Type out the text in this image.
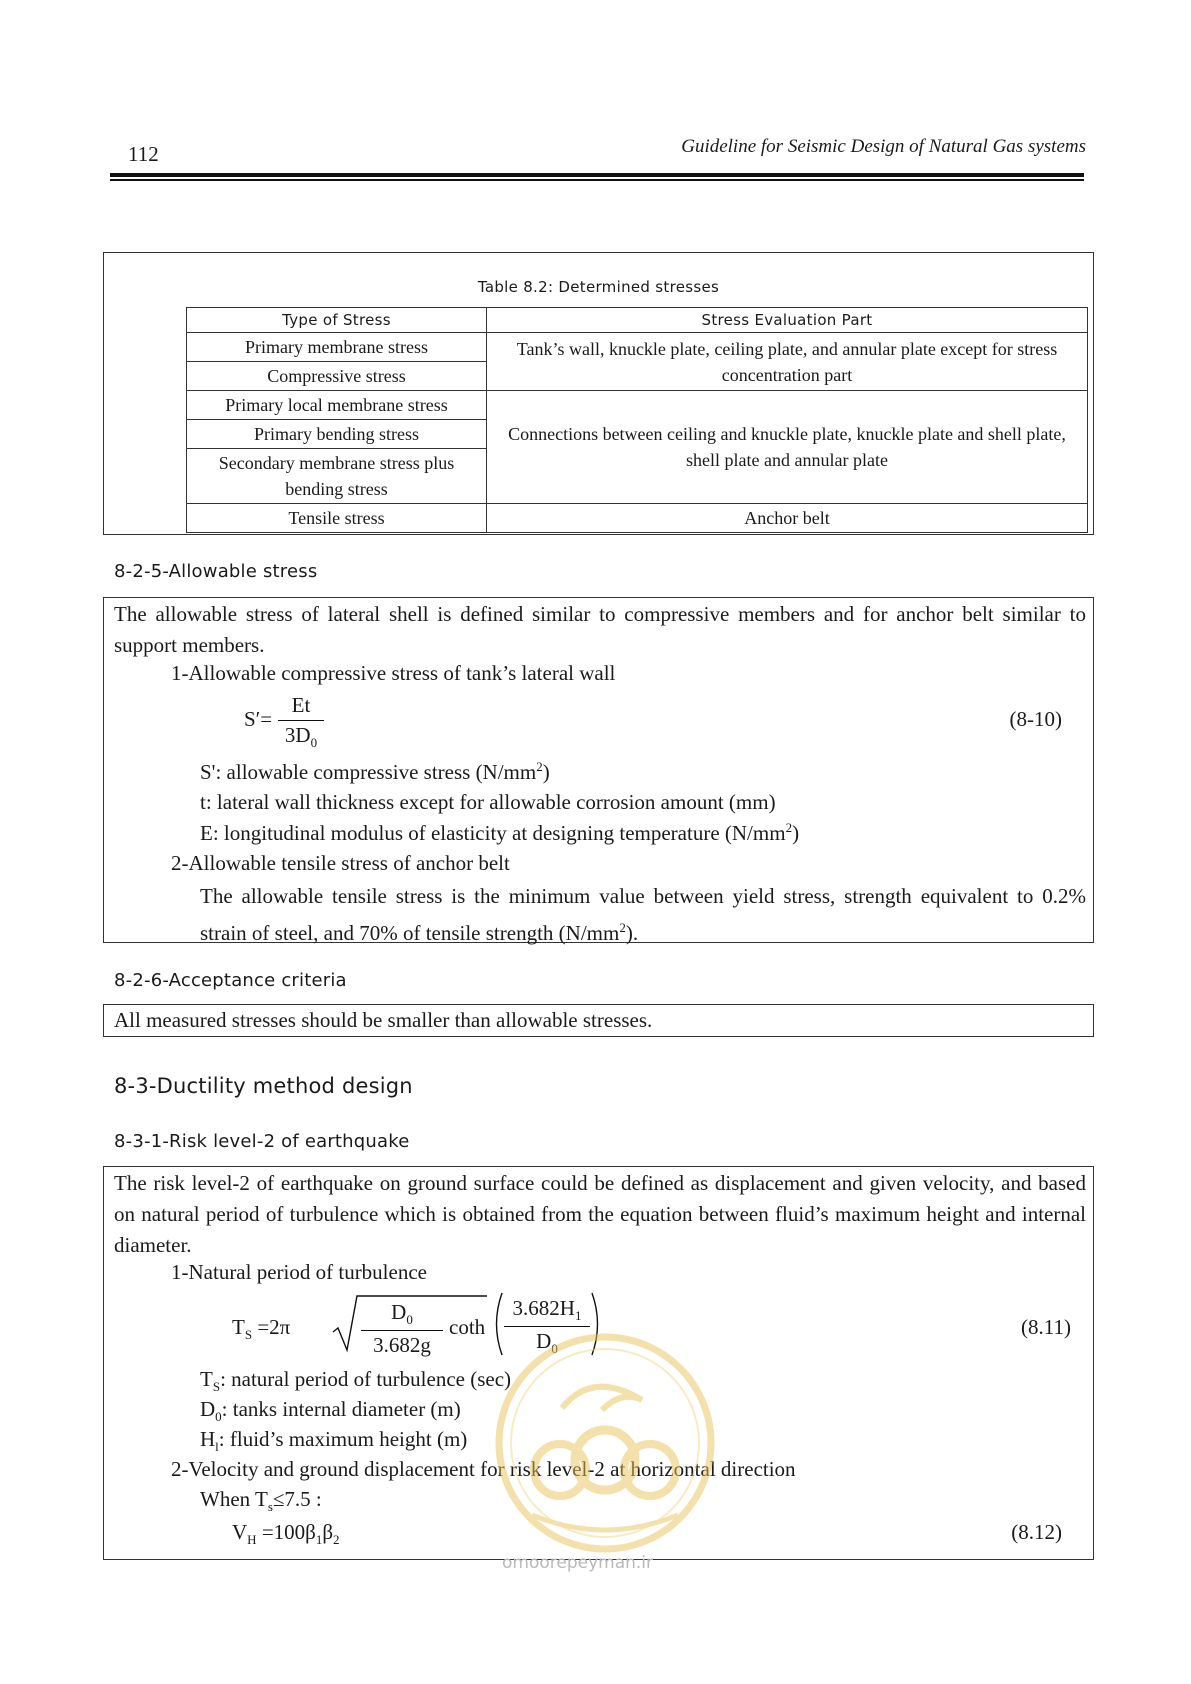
112	Guideline for Seismic Design of Natural Gas systems
Table 8.2: Determined stresses
Type of Stress	Stress Evaluation Part
Primary membrane stress	Tank’s wall, knuckle plate, ceiling plate, and annular plate except for stress concentration part
Compressive stress	
Primary local membrane stress	Connections between ceiling and knuckle plate, knuckle plate and shell plate, shell plate and annular plate
Primary bending stress	
Secondary membrane stress plus bending stress	
Tensile stress	Anchor belt
8-2-5-Allowable stress
The allowable stress of lateral shell is defined similar to compressive members and for anchor belt similar to support members.
1-Allowable compressive stress of tank’s lateral wall
S′=
Et
$3D_0$
(8-10)
S': allowable compressive stress $(N/mm^2)$
t: lateral wall thickness except for allowable corrosion amount (mm)
E: longitudinal modulus of elasticity at designing temperature $(N/mm^2)$
2-Allowable tensile stress of anchor belt
The allowable tensile stress is the minimum value between yield stress, strength equivalent to 0.2% strain of steel, and 70% of tensile strength $(N/mm^2)$.
8-2-6-Acceptance criteria
All measured stresses should be smaller than allowable stresses.
8-3-Ductility method design
8-3-1-Risk level-2 of earthquake
The risk level-2 of earthquake on ground surface could be defined as displacement and given velocity, and based on natural period of turbulence which is obtained from the equation between fluid’s maximum height and internal diameter.
1-Natural period of turbulence
$T_S =2\pi$
$D_0$
3.682g
coth
$3.682H_1$
$D_0$
(8.11)
$T_S$: natural period of turbulence (sec)
$D_0$: tanks internal diameter (m)
$H_l$: fluid’s maximum height (m)
2-Velocity and ground displacement for risk level-2 at horizontal direction
When $T_s\le 7.5$ :
$V_H =100\beta_1\beta_2$	(8.12)
omoorepeyman.ir
